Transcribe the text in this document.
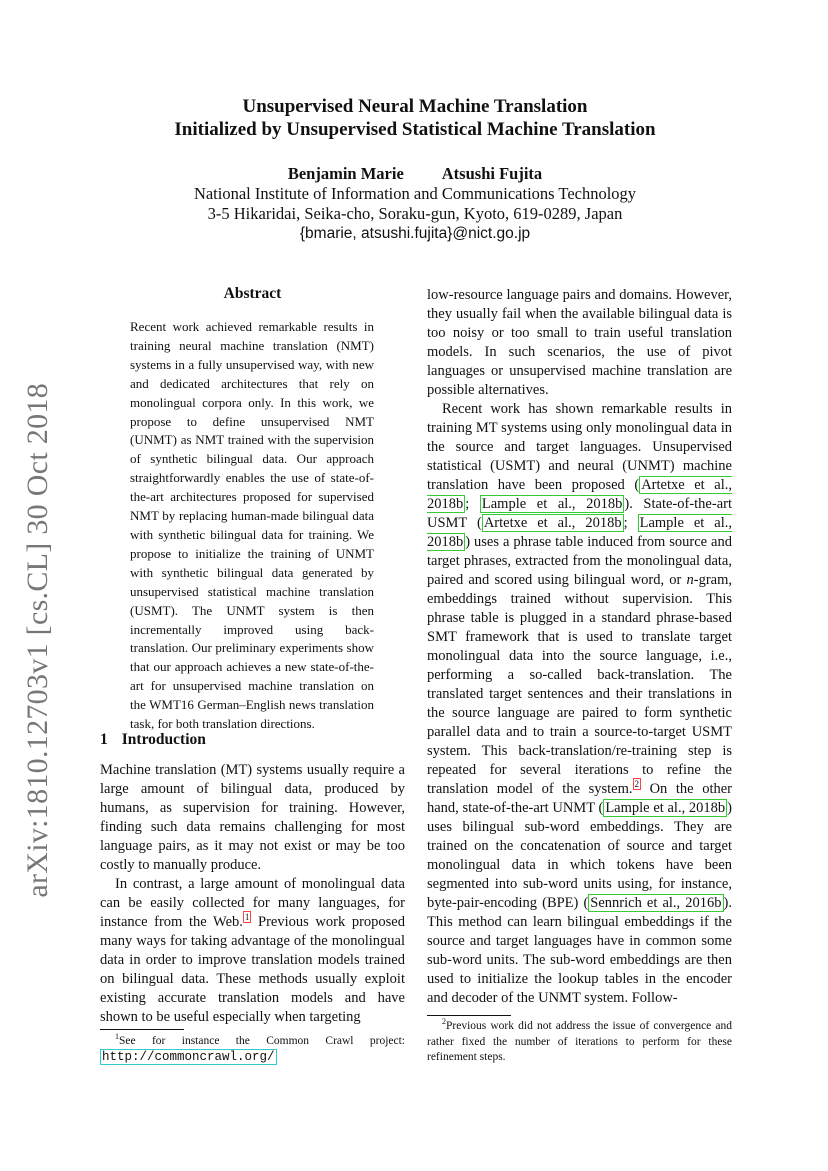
arXiv:1810.12703v1 [cs.CL] 30 Oct 2018
Unsupervised Neural Machine Translation
Initialized by Unsupervised Statistical Machine Translation
Benjamin Marie Atsushi Fujita
National Institute of Information and Communications Technology
3-5 Hikaridai, Seika-cho, Soraku-gun, Kyoto, 619-0289, Japan
{bmarie, atsushi.fujita}@nict.go.jp
Abstract
Recent work achieved remarkable results in training neural machine translation (NMT) systems in a fully unsupervised way, with new and dedicated architectures that rely on monolingual corpora only. In this work, we propose to define unsupervised NMT (UNMT) as NMT trained with the supervision of synthetic bilingual data. Our approach straightforwardly enables the use of state-of-the-art architectures proposed for supervised NMT by replacing human-made bilingual data with synthetic bilingual data for training. We propose to initialize the training of UNMT with synthetic bilingual data generated by unsupervised statistical machine translation (USMT). The UNMT system is then incrementally improved using back-translation. Our preliminary experiments show that our approach achieves a new state-of-the-art for unsupervised machine translation on the WMT16 German–English news translation task, for both translation directions.
1 Introduction

Machine translation (MT) systems usually require a large amount of bilingual data, produced by humans, as supervision for training. However, finding such data remains challenging for most language pairs, as it may not exist or may be too costly to manually produce.

In contrast, a large amount of monolingual data can be easily collected for many languages, for instance from the Web. $^1$ Previous work proposed many ways for taking advantage of the monolingual data in order to improve translation models trained on bilingual data. These methods usually exploit existing accurate translation models and have shown to be useful especially when targeting

low-resource language pairs and domains. However, they usually fail when the available bilingual data is too noisy or too small to train useful translation models. In such scenarios, the use of pivot languages or unsupervised machine translation are possible alternatives.

Recent work has shown remarkable results in training MT systems using only monolingual data in the source and target languages. Unsupervised statistical (USMT) and neural (UNMT) machine translation have been proposed ( Artetxe et al., 2018b ; Lample et al., 2018b ). State-of-the-art USMT ( Artetxe et al., 2018b ; Lample et al., 2018b ) uses a phrase table induced from source and target phrases, extracted from the monolingual data, paired and scored using bilingual word, or n-gram, embeddings trained without supervision. This phrase table is plugged in a standard phrase-based SMT framework that is used to translate target monolingual data into the source language, i.e., performing a so-called back-translation. The translated target sentences and their translations in the source language are paired to form synthetic parallel data and to train a source-to-target USMT system. This back-translation/re-training step is repeated for several iterations to refine the translation model of the system. $^2$ On the other hand, state-of-the-art UNMT ( Lample et al., 2018b ) uses bilingual sub-word embeddings. They are trained on the concatenation of source and target monolingual data in which tokens have been segmented into sub-word units using, for instance, byte-pair-encoding (BPE) ( Sennrich et al., 2016b ). This method can learn bilingual embeddings if the source and target languages have in common some sub-word units. The sub-word embeddings are then used to initialize the lookup tables in the encoder and decoder of the UNMT system. Follow-

$^1$See for instance the Common Crawl project: http://commoncrawl.org/
$^2$Previous work did not address the issue of convergence and rather fixed the number of iterations to perform for these refinement steps.
